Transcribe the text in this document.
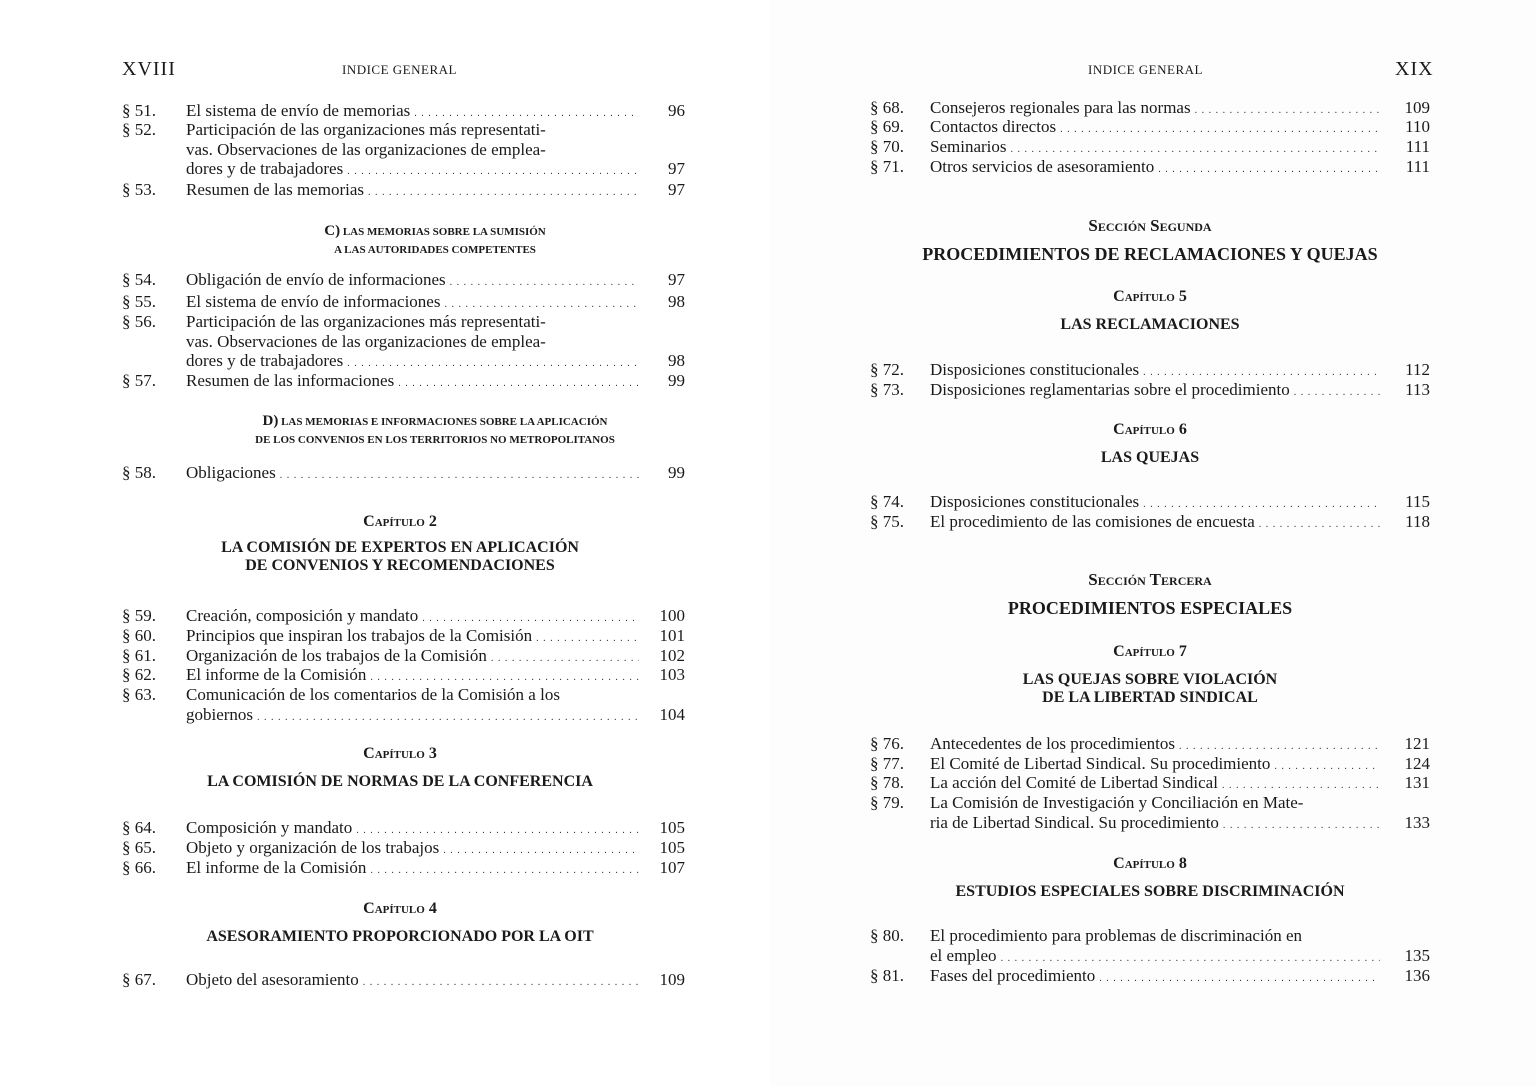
XVIII	INDICE GENERAL
§ 51. El sistema de envío de memorias . . .	96
§ 52. Participación de las organizaciones más representati-
vas. Observaciones de las organizaciones de emplea-
dores y de trabajadores . . .	97
§ 53. Resumen de las memorias . . .	97
§ 54. Obligación de envío de informaciones . . .	97
§ 55. El sistema de envío de informaciones . . .	98
§ 56. Participación de las organizaciones más representati-
vas. Observaciones de las organizaciones de emplea-
dores y de trabajadores . . .	98
§ 57. Resumen de las informaciones . . .	99
§ 58. Obligaciones . . .	99
§ 59. Creación, composición y mandato . . .	100
§ 60. Principios que inspiran los trabajos de la Comisión . . .	101
§ 61. Organización de los trabajos de la Comisión . . .	102
§ 62. El informe de la Comisión . . .	103
§ 63. Comunicación de los comentarios de la Comisión a los
gobiernos . . .	104
§ 64. Composición y mandato . . .	105
§ 65. Objeto y organización de los trabajos . . .	105
§ 66. El informe de la Comisión . . .	107
§ 67. Objeto del asesoramiento . . .	109
C) LAS MEMORIAS SOBRE LA SUMISIÓN
A LAS AUTORIDADES COMPETENTES
D) LAS MEMORIAS E INFORMACIONES SOBRE LA APLICACIÓN
DE LOS CONVENIOS EN LOS TERRITORIOS NO METROPOLITANOS
Capítulo 2
LA COMISIÓN DE EXPERTOS EN APLICACIÓN
DE CONVENIOS Y RECOMENDACIONES
Capítulo 3
LA COMISIÓN DE NORMAS DE LA CONFERENCIA
Capítulo 4
ASESORAMIENTO PROPORCIONADO POR LA OIT
INDICE GENERAL	XIX
§ 68. Consejeros regionales para las normas . . .	109
§ 69. Contactos directos . . .	110
§ 70. Seminarios . . .	111
§ 71. Otros servicios de asesoramiento . . .	111
§ 72. Disposiciones constitucionales . . .	112
§ 73. Disposiciones reglamentarias sobre el procedimiento . . .	113
§ 74. Disposiciones constitucionales . . .	115
§ 75. El procedimiento de las comisiones de encuesta . . .	118
§ 76. Antecedentes de los procedimientos . . .	121
§ 77. El Comité de Libertad Sindical. Su procedimiento . . .	124
§ 78. La acción del Comité de Libertad Sindical . . .	131
§ 79. La Comisión de Investigación y Conciliación en Mate-
ria de Libertad Sindical. Su procedimiento . . .	133
§ 80. El procedimiento para problemas de discriminación en
el empleo . . .	135
§ 81. Fases del procedimiento . . .	136
Sección Segunda
PROCEDIMIENTOS DE RECLAMACIONES Y QUEJAS
Capítulo 5
LAS RECLAMACIONES
Capítulo 6
LAS QUEJAS
Sección Tercera
PROCEDIMIENTOS ESPECIALES
Capítulo 7
LAS QUEJAS SOBRE VIOLACIÓN
DE LA LIBERTAD SINDICAL
Capítulo 8
ESTUDIOS ESPECIALES SOBRE DISCRIMINACIÓN
